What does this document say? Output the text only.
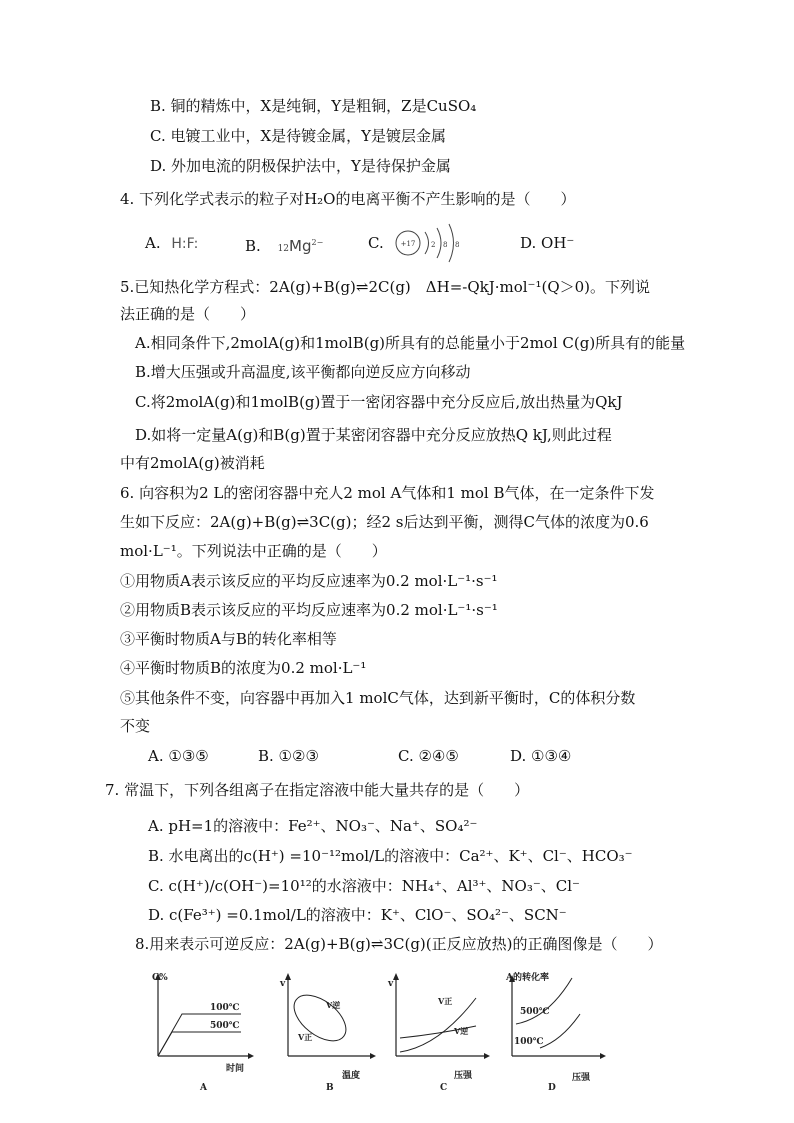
B. 铜的精炼中，X是纯铜，Y是粗铜，Z是CuSO₄
C. 电镀工业中，X是待镀金属，Y是镀层金属
D. 外加电流的阴极保护法中，Y是待保护金属
4. 下列化学式表示的粒子对H₂O的电离平衡不产生影响的是（　　）
A. H:F:	B. $12Mg^{2-}$	C. +17 2 8 8	D. OH⁻
5.已知热化学方程式：2A(g)+B(g)⇌2C(g)　ΔH=-QkJ·mol⁻¹(Q＞0)。下列说
法正确的是（　　）
A.相同条件下,2molA(g)和1molB(g)所具有的总能量小于2mol C(g)所具有的能量
B.增大压强或升高温度,该平衡都向逆反应方向移动
C.将2molA(g)和1molB(g)置于一密闭容器中充分反应后,放出热量为QkJ
D.如将一定量A(g)和B(g)置于某密闭容器中充分反应放热Q kJ,则此过程
中有2molA(g)被消耗
6. 向容积为2 L的密闭容器中充人2 mol A气体和1 mol B气体，在一定条件下发
生如下反应：2A(g)+B(g)⇌3C(g)；经2 s后达到平衡，测得C气体的浓度为0.6
mol·L⁻¹。下列说法中正确的是（　　）
①用物质A表示该反应的平均反应速率为0.2 mol·L⁻¹·s⁻¹
②用物质B表示该反应的平均反应速率为0.2 mol·L⁻¹·s⁻¹
③平衡时物质A与B的转化率相等
④平衡时物质B的浓度为0.2 mol·L⁻¹
⑤其他条件不变，向容器中再加入1 molC气体，达到新平衡时，C的体积分数
不变
A. ①③⑤	B. ①②③	C. ②④⑤	D. ①③④
7. 常温下，下列各组离子在指定溶液中能大量共存的是（　　）
A. pH=1的溶液中：Fe²⁺、NO₃⁻、Na⁺、SO₄²⁻
B. 水电离出的c(H⁺) =10⁻¹²mol/L的溶液中：Ca²⁺、K⁺、Cl⁻、HCO₃⁻
C. c(H⁺)/c(OH⁻)=10¹²的水溶液中：NH₄⁺、Al³⁺、NO₃⁻、Cl⁻
D. c(Fe³⁺) =0.1mol/L的溶液中：K⁺、ClO⁻、SO₄²⁻、SCN⁻
8.用来表示可逆反应：2A(g)+B(g)⇌3C(g)(正反应放热)的正确图像是（　　）
C%
100℃
500℃
时间
A
v
V逆
V正
温度
B
v
V正
V逆
压强
C
A的转化率
500℃
100℃
压强
D
